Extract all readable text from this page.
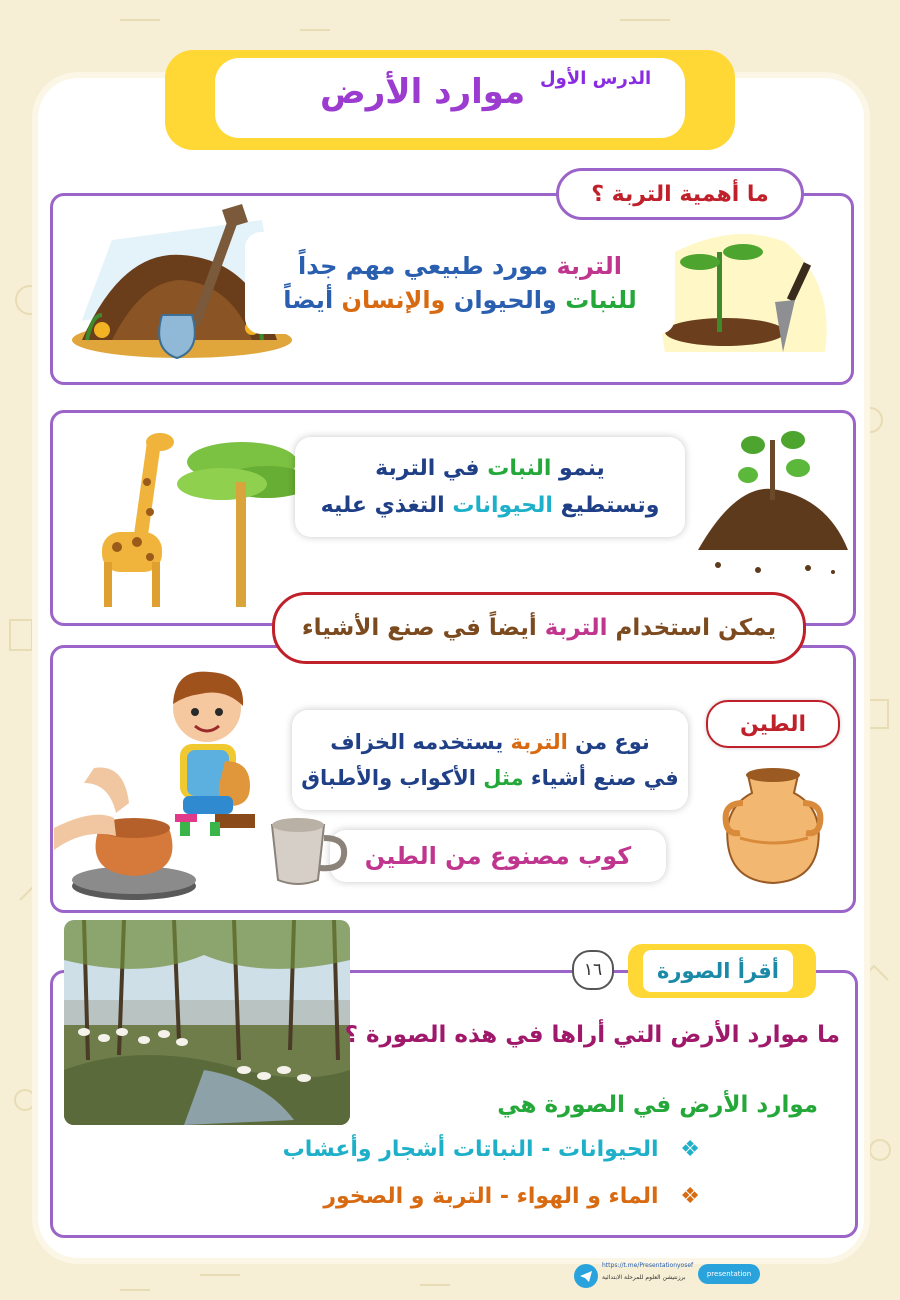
الدرس الأول
موارد الأرض
ما أهمية التربة ؟
التربة مورد طبيعي مهم جداً
للنبات والحيوان والإنسان أيضاً
ينمو النبات في التربة
وتستطيع الحيوانات التغذي عليه
يمكن استخدام التربة أيضاً في صنع الأشياء
الطين
نوع من التربة يستخدمه الخزاف
في صنع أشياء مثل الأكواب والأطباق
كوب مصنوع من الطين
١٦	أقرأ الصورة
ما موارد الأرض التي أراها في هذه الصورة ؟
موارد الأرض في الصورة هي
❖ الحيوانات - النباتات أشجار وأعشاب
❖ الماء و الهواء - التربة و الصخور
https://t.me/Presentationyosef
برزنتيشن العلوم للمرحلة الابتدائية	presentation
